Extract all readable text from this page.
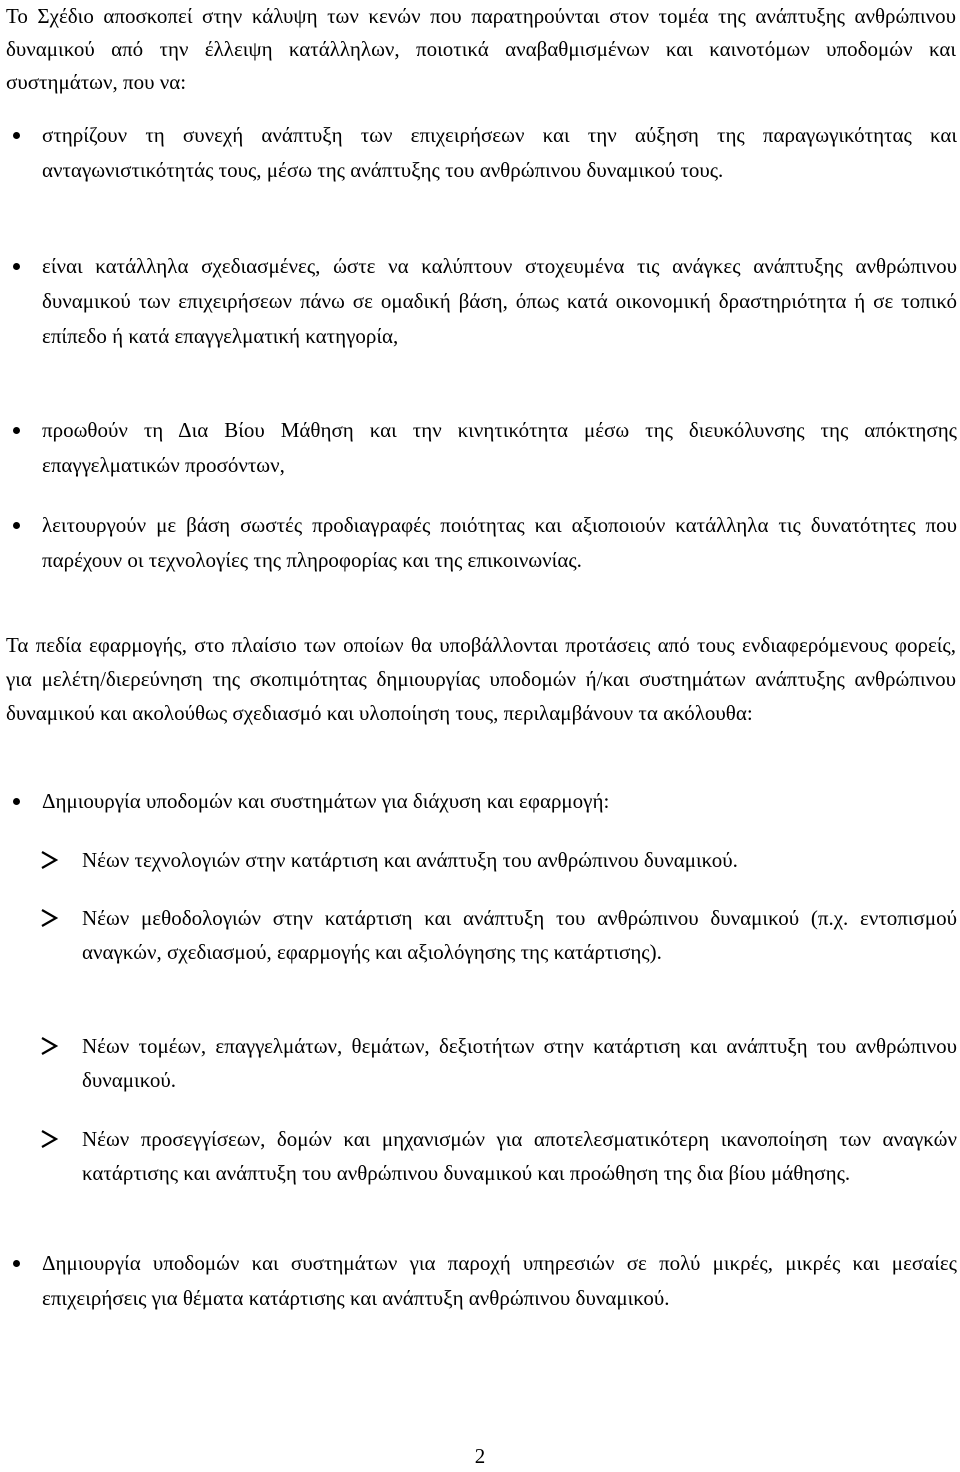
Το Σχέδιο αποσκοπεί στην κάλυψη των κενών που παρατηρούνται στον τομέα της ανάπτυξης ανθρώπινου δυναμικού από την έλλειψη κατάλληλων, ποιοτικά αναβαθμισμένων και καινοτόμων υποδομών και συστημάτων, που να:

στηρίζουν τη συνεχή ανάπτυξη των επιχειρήσεων και την αύξηση της παραγωγικότητας και ανταγωνιστικότητάς τους, μέσω της ανάπτυξης του ανθρώπινου δυναμικού τους.
είναι κατάλληλα σχεδιασμένες, ώστε να καλύπτουν στοχευμένα τις ανάγκες ανάπτυξης ανθρώπινου δυναμικού των επιχειρήσεων πάνω σε ομαδική βάση, όπως κατά οικονομική δραστηριότητα ή σε τοπικό επίπεδο ή κατά επαγγελματική κατηγορία,
προωθούν τη Δια Βίου Μάθηση και την κινητικότητα μέσω της διευκόλυνσης της απόκτησης επαγγελματικών προσόντων,
λειτουργούν με βάση σωστές προδιαγραφές ποιότητας και αξιοποιούν κατάλληλα τις δυνατότητες που παρέχουν οι τεχνολογίες της πληροφορίας και της επικοινωνίας.

Τα πεδία εφαρμογής, στο πλαίσιο των οποίων θα υποβάλλονται προτάσεις από τους ενδιαφερόμενους φορείς, για μελέτη/διερεύνηση της σκοπιμότητας δημιουργίας υποδομών ή/και συστημάτων ανάπτυξης ανθρώπινου δυναμικού και ακολούθως σχεδιασμό και υλοποίηση τους, περιλαμβάνουν τα ακόλουθα:

Δημιουργία υποδομών και συστημάτων για διάχυση και εφαρμογή:
Νέων τεχνολογιών στην κατάρτιση και ανάπτυξη του ανθρώπινου δυναμικού.
Νέων μεθοδολογιών στην κατάρτιση και ανάπτυξη του ανθρώπινου δυναμικού (π.χ. εντοπισμού αναγκών, σχεδιασμού, εφαρμογής και αξιολόγησης της κατάρτισης).
Νέων τομέων, επαγγελμάτων, θεμάτων, δεξιοτήτων στην κατάρτιση και ανάπτυξη του ανθρώπινου δυναμικού.
Νέων προσεγγίσεων, δομών και μηχανισμών για αποτελεσματικότερη ικανοποίηση των αναγκών κατάρτισης και ανάπτυξη του ανθρώπινου δυναμικού και προώθηση της δια βίου μάθησης.
Δημιουργία υποδομών και συστημάτων για παροχή υπηρεσιών σε πολύ μικρές, μικρές και μεσαίες επιχειρήσεις για θέματα κατάρτισης και ανάπτυξη ανθρώπινου δυναμικού.
2
